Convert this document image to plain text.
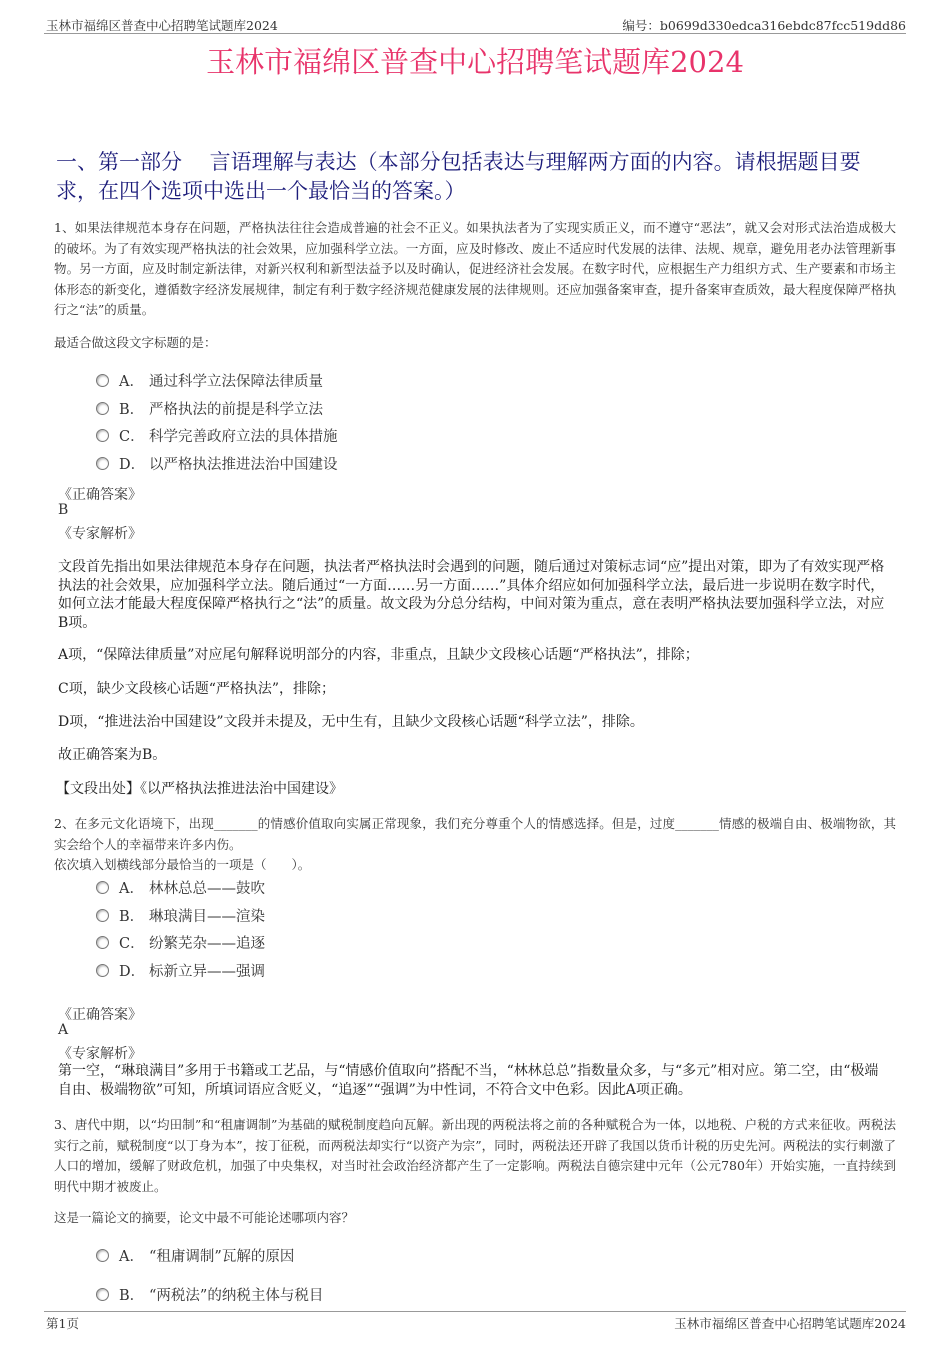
玉林市福绵区普查中心招聘笔试题库2024	编号：b0699d330edca316ebdc87fcc519dd86
玉林市福绵区普查中心招聘笔试题库2024
一、第一部分　 言语理解与表达（本部分包括表达与理解两方面的内容。请根据题目要求，在四个选项中选出一个最恰当的答案。）
1、如果法律规范本身存在问题，严格执法往往会造成普遍的社会不正义。如果执法者为了实现实质正义，而不遵守“恶法”，就又会对形式法治造成极大的破坏。为了有效实现严格执法的社会效果，应加强科学立法。一方面，应及时修改、废止不适应时代发展的法律、法规、规章，避免用老办法管理新事物。另一方面，应及时制定新法律，对新兴权利和新型法益予以及时确认，促进经济社会发展。在数字时代，应根据生产力组织方式、生产要素和市场主体形态的新变化，遵循数字经济发展规律，制定有利于数字经济规范健康发展的法律规则。还应加强备案审查，提升备案审查质效，最大程度保障严格执行之“法”的质量。
最适合做这段文字标题的是：
A． 通过科学立法保障法律质量
B． 严格执法的前提是科学立法
C． 科学完善政府立法的具体措施
D． 以严格执法推进法治中国建设
《正确答案》
B
《专家解析》
文段首先指出如果法律规范本身存在问题，执法者严格执法时会遇到的问题，随后通过对策标志词“应”提出对策，即为了有效实现严格执法的社会效果，应加强科学立法。随后通过“一方面……另一方面……”具体介绍应如何加强科学立法，最后进一步说明在数字时代，如何立法才能最大程度保障严格执行之“法”的质量。故文段为分总分结构，中间对策为重点，意在表明严格执法要加强科学立法，对应B项。
A项，“保障法律质量”对应尾句解释说明部分的内容，非重点，且缺少文段核心话题“严格执法”，排除；
C项，缺少文段核心话题“严格执法”，排除；
D项，“推进法治中国建设”文段并未提及，无中生有，且缺少文段核心话题“科学立法”，排除。
故正确答案为B。
【文段出处】《以严格执法推进法治中国建设》
2、在多元文化语境下，出现_______的情感价值取向实属正常现象，我们充分尊重个人的情感选择。但是，过度_______情感的极端自由、极端物欲，其实会给个人的幸福带来许多内伤。
依次填入划横线部分最恰当的一项是（　　）。
A． 林林总总——鼓吹
B． 琳琅满目——渲染
C． 纷繁芜杂——追逐
D． 标新立异——强调
《正确答案》
A
《专家解析》
第一空，“琳琅满目”多用于书籍或工艺品，与“情感价值取向”搭配不当，“林林总总”指数量众多，与“多元”相对应。第二空，由“极端自由、极端物欲”可知，所填词语应含贬义，“追逐”“强调”为中性词，不符合文中色彩。因此A项正确。
3、唐代中期，以“均田制”和“租庸调制”为基础的赋税制度趋向瓦解。新出现的两税法将之前的各种赋税合为一体，以地税、户税的方式来征收。两税法实行之前，赋税制度“以丁身为本”，按丁征税，而两税法却实行“以资产为宗”，同时，两税法还开辟了我国以货币计税的历史先河。两税法的实行刺激了人口的增加，缓解了财政危机，加强了中央集权，对当时社会政治经济都产生了一定影响。两税法自德宗建中元年（公元780年）开始实施，一直持续到明代中期才被废止。
这是一篇论文的摘要，论文中最不可能论述哪项内容？
A． “租庸调制”瓦解的原因
B． “两税法”的纳税主体与税目
第1页	玉林市福绵区普查中心招聘笔试题库2024
